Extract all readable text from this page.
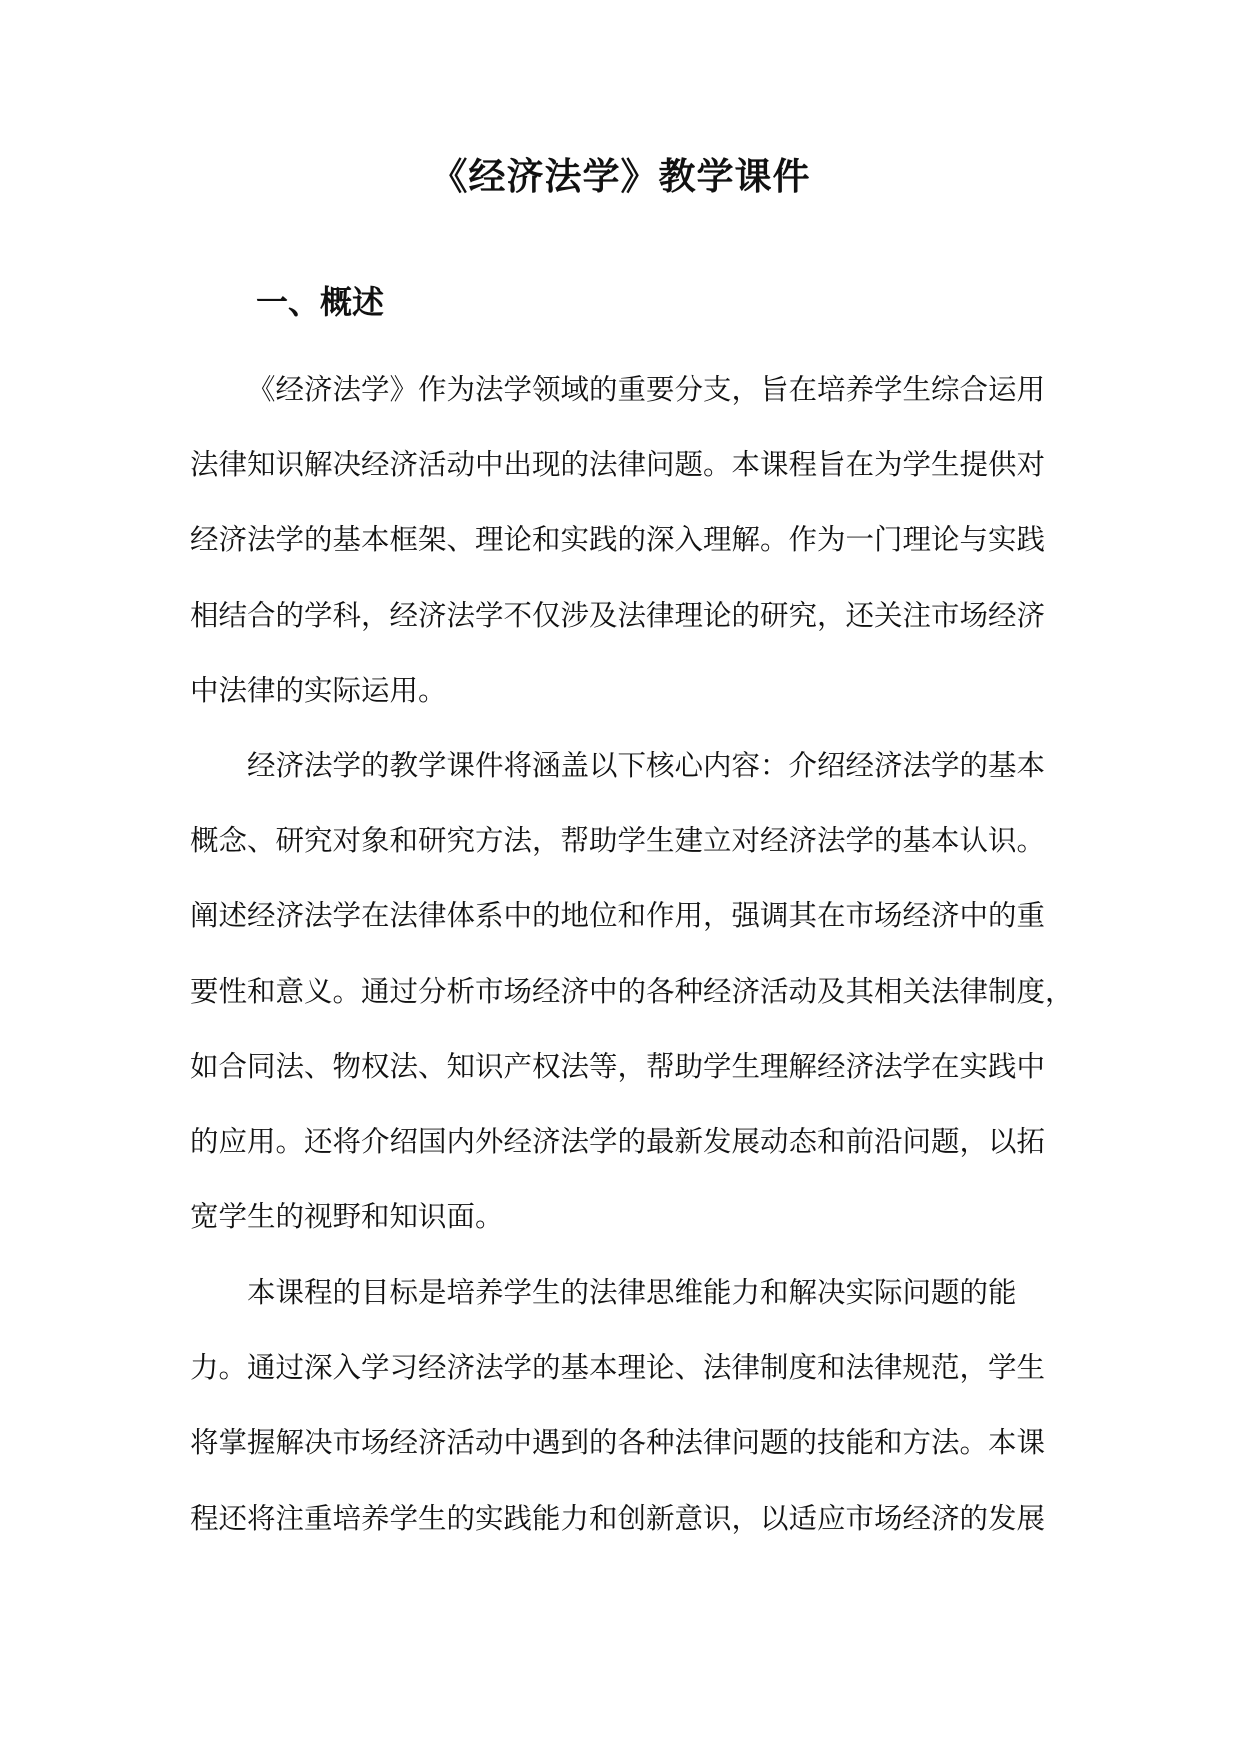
《经济法学》教学课件
一、概述
《经济法学》作为法学领域的重要分支，旨在培养学生综合运用
法律知识解决经济活动中出现的法律问题。本课程旨在为学生提供对
经济法学的基本框架、理论和实践的深入理解。作为一门理论与实践
相结合的学科，经济法学不仅涉及法律理论的研究，还关注市场经济
中法律的实际运用。
经济法学的教学课件将涵盖以下核心内容：介绍经济法学的基本
概念、研究对象和研究方法，帮助学生建立对经济法学的基本认识。
阐述经济法学在法律体系中的地位和作用，强调其在市场经济中的重
要性和意义。通过分析市场经济中的各种经济活动及其相关法律制度，
如合同法、物权法、知识产权法等，帮助学生理解经济法学在实践中
的应用。还将介绍国内外经济法学的最新发展动态和前沿问题，以拓
宽学生的视野和知识面。
本课程的目标是培养学生的法律思维能力和解决实际问题的能
力。通过深入学习经济法学的基本理论、法律制度和法律规范，学生
将掌握解决市场经济活动中遇到的各种法律问题的技能和方法。本课
程还将注重培养学生的实践能力和创新意识，以适应市场经济的发展
